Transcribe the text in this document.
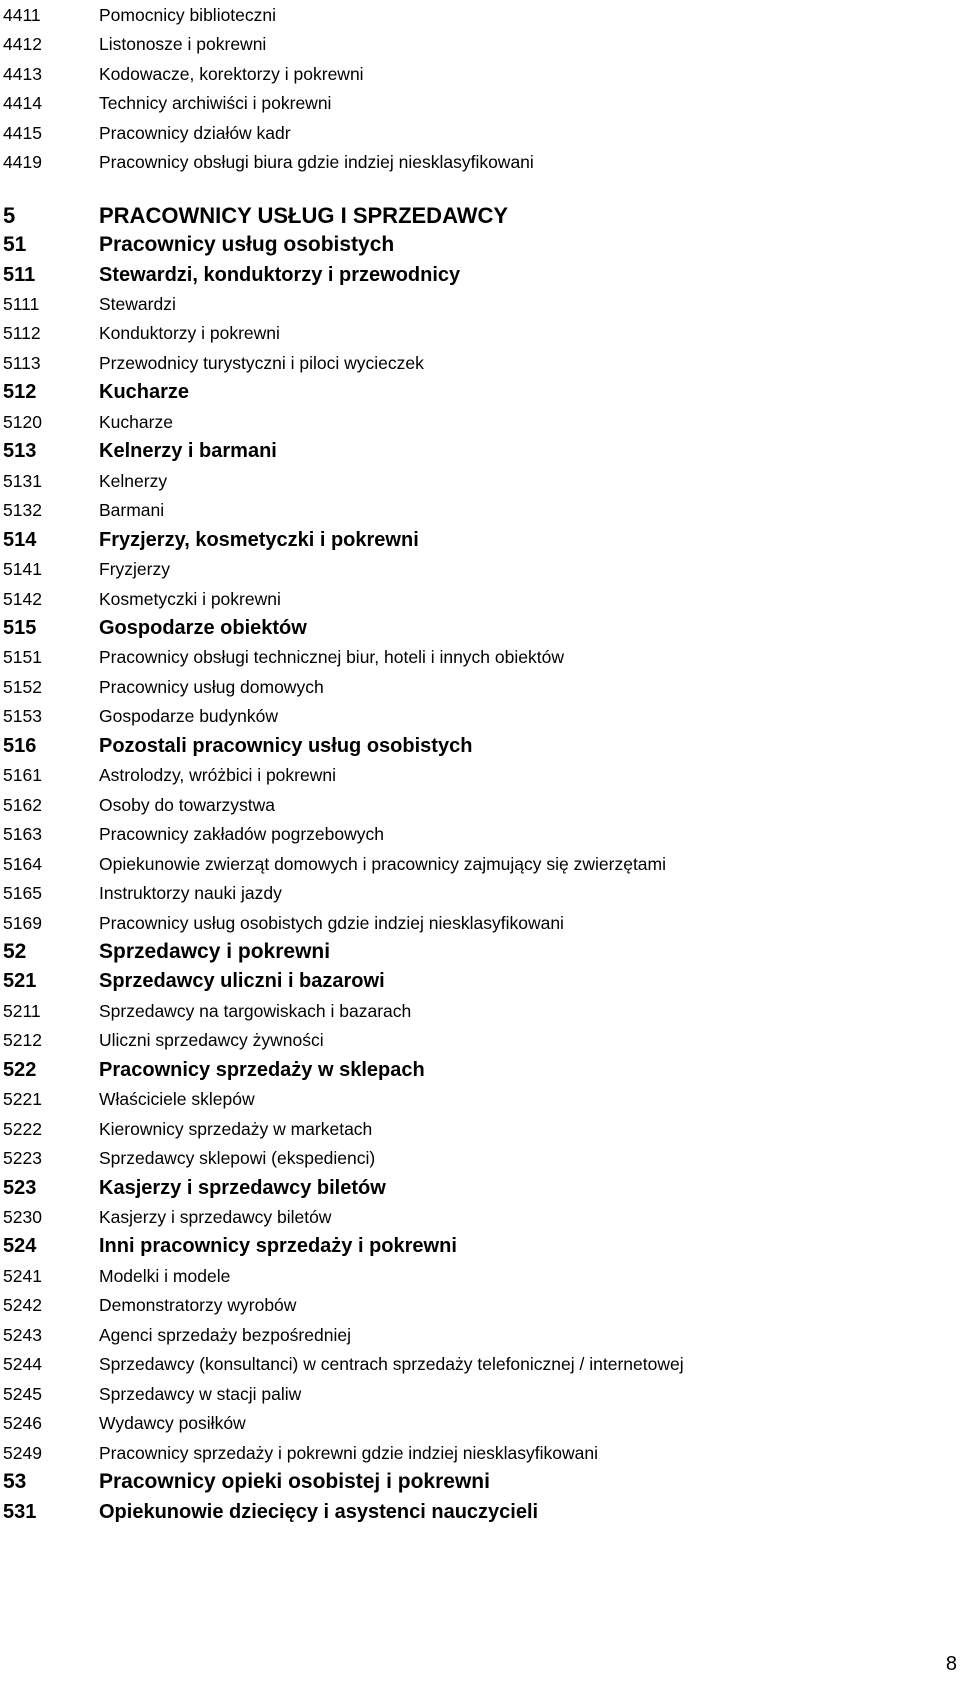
4411	Pomocnicy biblioteczni
4412	Listonosze i pokrewni
4413	Kodowacze, korektorzy i pokrewni
4414	Technicy archiwiści i pokrewni
4415	Pracownicy działów kadr
4419	Pracownicy obsługi biura gdzie indziej niesklasyfikowani
5	PRACOWNICY USŁUG I SPRZEDAWCY
51	Pracownicy usług osobistych
511	Stewardzi, konduktorzy i przewodnicy
5111	Stewardzi
5112	Konduktorzy i pokrewni
5113	Przewodnicy turystyczni i piloci wycieczek
512	Kucharze
5120	Kucharze
513	Kelnerzy i barmani
5131	Kelnerzy
5132	Barmani
514	Fryzjerzy, kosmetyczki i pokrewni
5141	Fryzjerzy
5142	Kosmetyczki i pokrewni
515	Gospodarze obiektów
5151	Pracownicy obsługi technicznej biur, hoteli i innych obiektów
5152	Pracownicy usług domowych
5153	Gospodarze budynków
516	Pozostali pracownicy usług osobistych
5161	Astrolodzy, wróżbici i pokrewni
5162	Osoby do towarzystwa
5163	Pracownicy zakładów pogrzebowych
5164	Opiekunowie zwierząt domowych i pracownicy zajmujący się zwierzętami
5165	Instruktorzy nauki jazdy
5169	Pracownicy usług osobistych gdzie indziej niesklasyfikowani
52	Sprzedawcy i pokrewni
521	Sprzedawcy uliczni i bazarowi
5211	Sprzedawcy na targowiskach i bazarach
5212	Uliczni sprzedawcy żywności
522	Pracownicy sprzedaży w sklepach
5221	Właściciele sklepów
5222	Kierownicy sprzedaży w marketach
5223	Sprzedawcy sklepowi (ekspedienci)
523	Kasjerzy i sprzedawcy biletów
5230	Kasjerzy i sprzedawcy biletów
524	Inni pracownicy sprzedaży i pokrewni
5241	Modelki i modele
5242	Demonstratorzy wyrobów
5243	Agenci sprzedaży bezpośredniej
5244	Sprzedawcy (konsultanci) w centrach sprzedaży telefonicznej / internetowej
5245	Sprzedawcy w stacji paliw
5246	Wydawcy posiłków
5249	Pracownicy sprzedaży i pokrewni gdzie indziej niesklasyfikowani
53	Pracownicy opieki osobistej i pokrewni
531	Opiekunowie dziecięcy i asystenci nauczycieli
8
